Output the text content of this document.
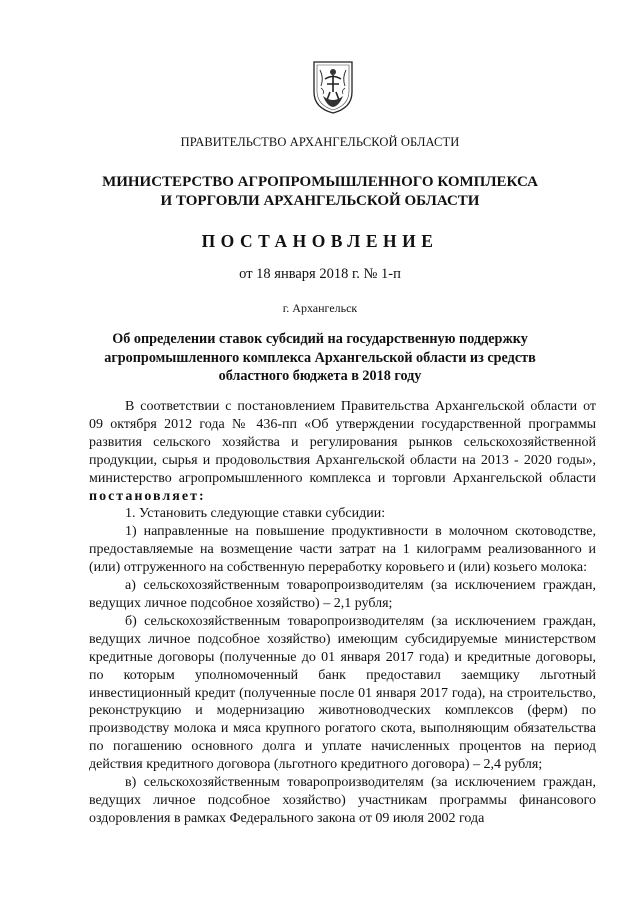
ПРАВИТЕЛЬСТВО АРХАНГЕЛЬСКОЙ ОБЛАСТИ
МИНИСТЕРСТВО АГРОПРОМЫШЛЕННОГО КОМПЛЕКСА
И ТОРГОВЛИ АРХАНГЕЛЬСКОЙ ОБЛАСТИ
ПОСТАНОВЛЕНИЕ
от 18 января 2018 г. № 1-п
г. Архангельск
Об определении ставок субсидий на государственную поддержку
агропромышленного комплекса Архангельской области из средств
областного бюджета в 2018 году

В соответствии с постановлением Правительства Архангельской области от 09 октября 2012 года № 436-пп «Об утверждении государственной программы развития сельского хозяйства и регулирования рынков сельскохозяйственной продукции, сырья и продовольствия Архангельской области на 2013 - 2020 годы», министерство агропромышленного комплекса и торговли Архангельской области постановляет:

1. Установить следующие ставки субсидии:

1) направленные на повышение продуктивности в молочном скотоводстве, предоставляемые на возмещение части затрат на 1 килограмм реализованного и (или) отгруженного на собственную переработку коровьего и (или) козьего молока:

а) сельскохозяйственным товаропроизводителям (за исключением граждан, ведущих личное подсобное хозяйство) – 2,1 рубля;

б) сельскохозяйственным товаропроизводителям (за исключением граждан, ведущих личное подсобное хозяйство) имеющим субсидируемые министерством кредитные договоры (полученные до 01 января 2017 года) и кредитные договоры, по которым уполномоченный банк предоставил заемщику льготный инвестиционный кредит (полученные после 01 января 2017 года), на строительство, реконструкцию и модернизацию животноводческих комплексов (ферм) по производству молока и мяса крупного рогатого скота, выполняющим обязательства по погашению основного долга и уплате начисленных процентов на период действия кредитного договора (льготного кредитного договора) – 2,4 рубля;

в) сельскохозяйственным товаропроизводителям (за исключением граждан, ведущих личное подсобное хозяйство) участникам программы финансового оздоровления в рамках Федерального закона от 09 июля 2002 года
